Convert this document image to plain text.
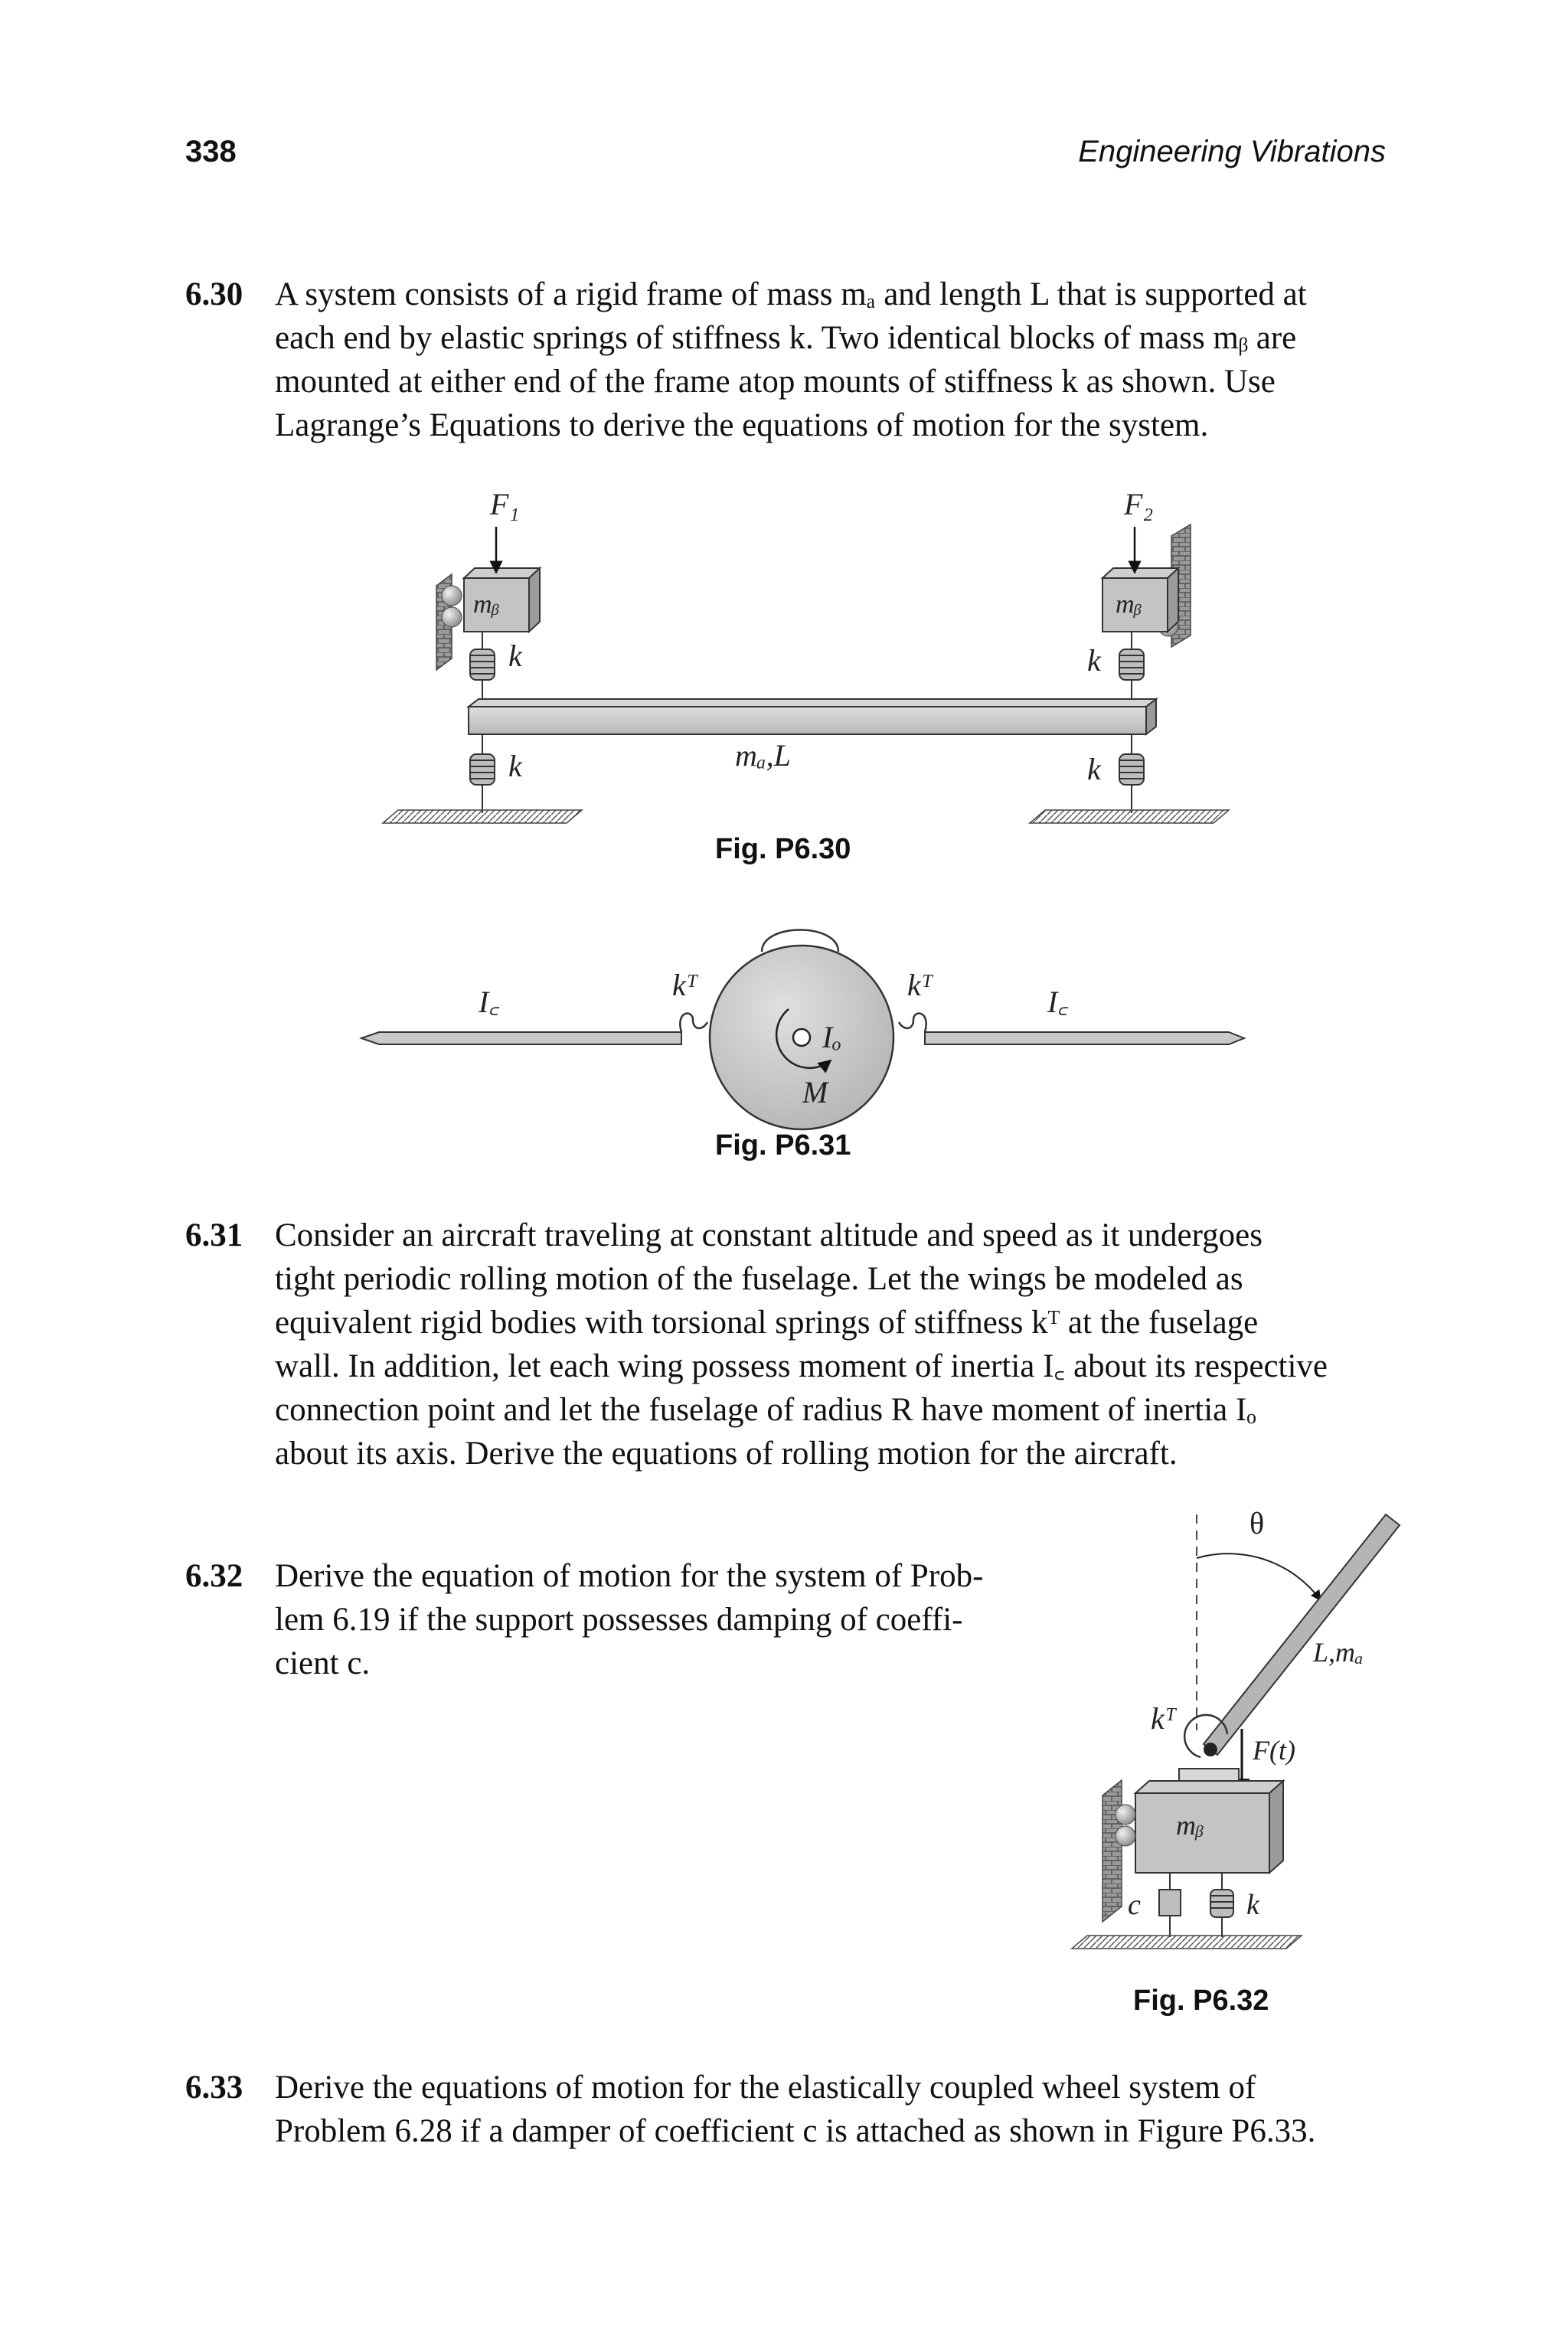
338	Engineering Vibrations
6.30 A system consists of a rigid frame of mass mₐ and length L that is supported at

each end by elastic springs of stiffness k. Two identical blocks of mass mᵦ are

mounted at either end of the frame atop mounts of stiffness k as shown. Use

Lagrange’s Equations to derive the equations of motion for the system.

F₁	F₂
mᵦ	mᵦ
k	k
k	k
mₐ,L
I꜀	I꜀
kᵀ	kᵀ
Iₒ
M
θ
L,mₐ
kᵀ
F(t)
mᵦ
c	k
Fig. P6.30
Fig. P6.31
6.31 Consider an aircraft traveling at constant altitude and speed as it undergoes

tight periodic rolling motion of the fuselage. Let the wings be modeled as

equivalent rigid bodies with torsional springs of stiffness kᵀ at the fuselage

wall. In addition, let each wing possess moment of inertia I꜀ about its respective

connection point and let the fuselage of radius R have moment of inertia Iₒ

about its axis. Derive the equations of rolling motion for the aircraft.

6.32 Derive the equation of motion for the system of Prob-

lem 6.19 if the support possesses damping of coeffi-

cient c.

Fig. P6.32
6.33 Derive the equations of motion for the elastically coupled wheel system of

Problem 6.28 if a damper of coefficient c is attached as shown in Figure P6.33.
